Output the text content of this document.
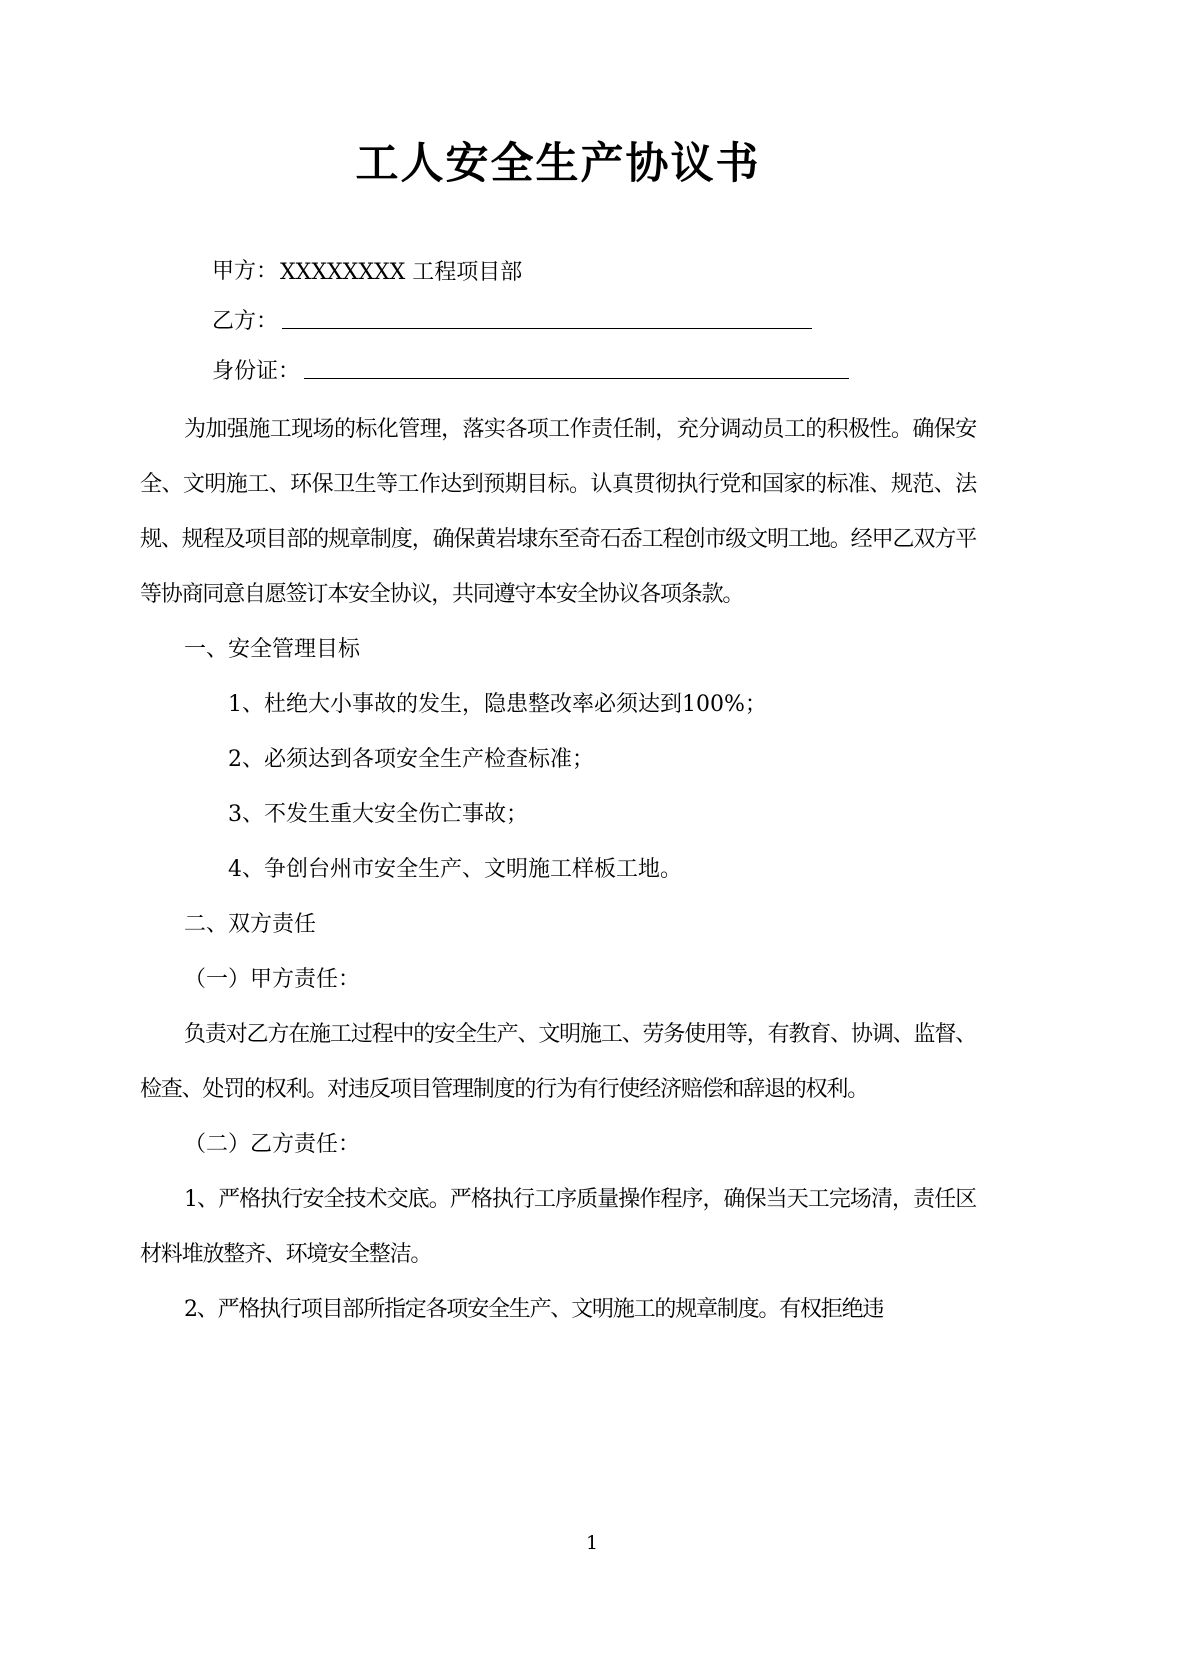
工人安全生产协议书
甲方： XXXXXXXX 工程项目部
乙方：
身份证：

为加强施工现场的标化管理，落实各项工作责任制，充分调动员工的积极性。确保安全、文明施工、环保卫生等工作达到预期目标。认真贯彻执行党和国家的标准、规范、法规、规程及项目部的规章制度，确保黄岩埭东至奇石岙工程创市级文明工地。经甲乙双方平等协商同意自愿签订本安全协议，共同遵守本安全协议各项条款。

一、安全管理目标

1、杜绝大小事故的发生，隐患整改率必须达到100%；

2、必须达到各项安全生产检查标准；

3、不发生重大安全伤亡事故；

4、争创台州市安全生产、文明施工样板工地。

二、双方责任

（一）甲方责任：

负责对乙方在施工过程中的安全生产、文明施工、劳务使用等，有教育、协调、监督、检查、处罚的权利。对违反项目管理制度的行为有行使经济赔偿和辞退的权利。

（二）乙方责任：

1、严格执行安全技术交底。严格执行工序质量操作程序，确保当天工完场清，责任区材料堆放整齐、环境安全整洁。

2、严格执行项目部所指定各项安全生产、文明施工的规章制度。有权拒绝违

1
